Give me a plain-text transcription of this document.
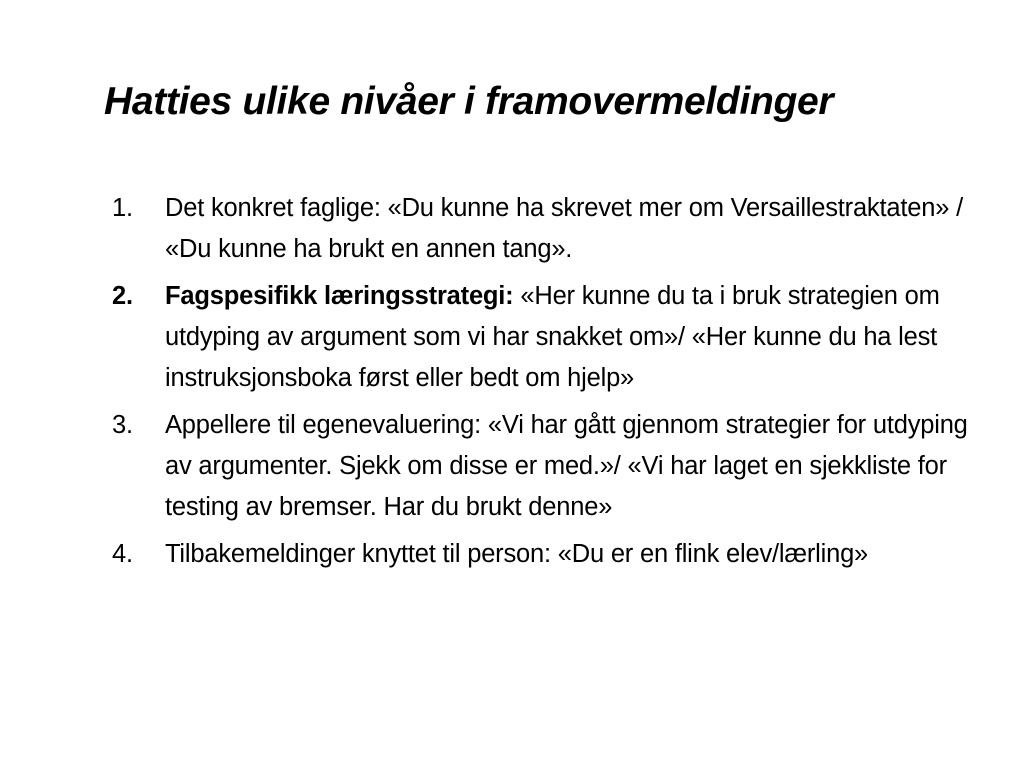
Hatties ulike nivåer i framovermeldinger
1.	Det konkret faglige: «Du kunne ha skrevet mer om Versaillestraktaten» / «Du kunne ha brukt en annen tang».
2.	Fagspesifikk læringsstrategi: «Her kunne du ta i bruk strategien om utdyping av argument som vi har snakket om»/ «Her kunne du ha lest instruksjonsboka først eller bedt om hjelp»
3.	Appellere til egenevaluering: «Vi har gått gjennom strategier for utdyping av argumenter. Sjekk om disse er med.»/ «Vi har laget en sjekkliste for testing av bremser. Har du brukt denne»
4.	Tilbakemeldinger knyttet til person: «Du er en flink elev/lærling»
